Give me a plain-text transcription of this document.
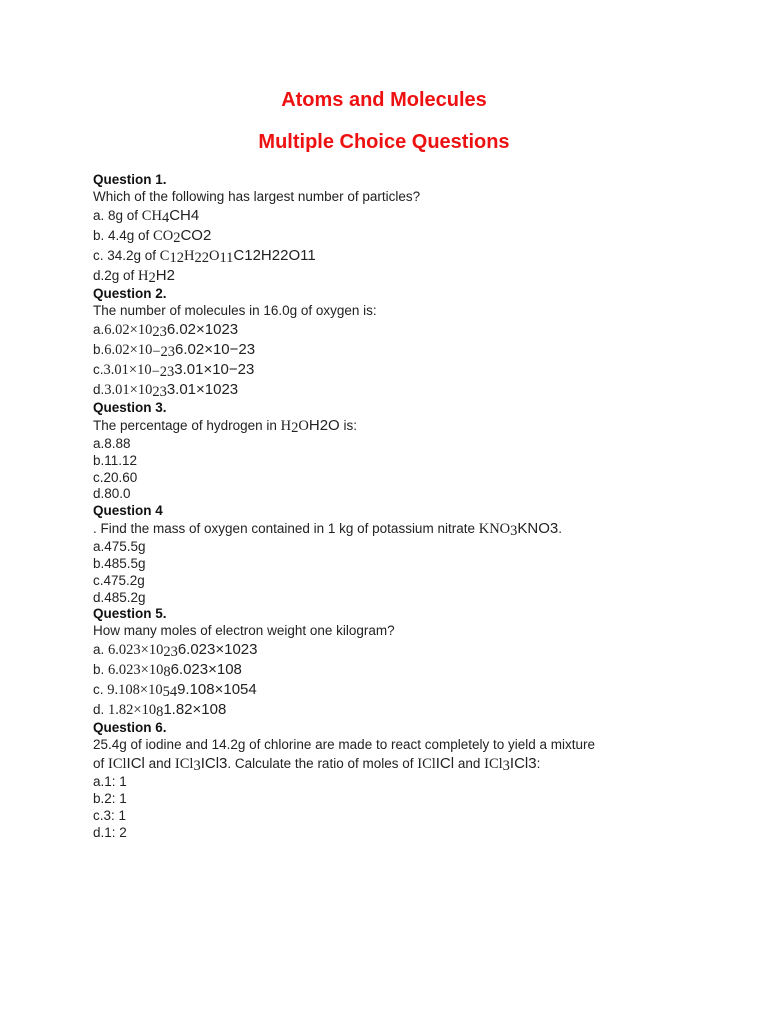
Atoms and Molecules
Multiple Choice Questions

Question 1.

Which of the following has largest number of particles?

a. 8g of $CH_4CH4$

b. 4.4g of $CO_2CO2$

c. 34.2g of $C_{12}H_{22}O_{11}C12H22O11$

d.2g of $H_2H2$

Question 2.

The number of molecules in 16.0g of oxygen is:

$a.6.02\times 10^{23}6.02\times 1023$

$b.6.02\times 10^{-23}6.02\times 10-23$

$c.3.01\times 10^{-23}3.01\times 10-23$

$d.3.01\times 10^{23}3.01\times 1023$

Question 3.

The percentage of hydrogen in $H_2OH2O$ is:

a.8.88

b.11.12

c.20.60

d.80.0

Question 4

. Find the mass of oxygen contained in 1 kg of potassium nitrate $KNO_3KNO3$.

a.475.5g

b.485.5g

c.475.2g

d.485.2g

Question 5.

How many moles of electron weight one kilogram?

a. $6.023\times 10^{23}6.023\times 1023$

b. $6.023\times 10^86.023\times 108$

c. $9.108\times 10^{54}9.108\times 1054$

d. $1.82\times 10^81.82\times 108$

Question 6.

25.4g of iodine and 14.2g of chlorine are made to react completely to yield a mixture

of IClICl and ICl$_3$ICl3. Calculate the ratio of moles of IClICl and ICl$_3$ICl3:

a.1: 1

b.2: 1

c.3: 1

d.1: 2
